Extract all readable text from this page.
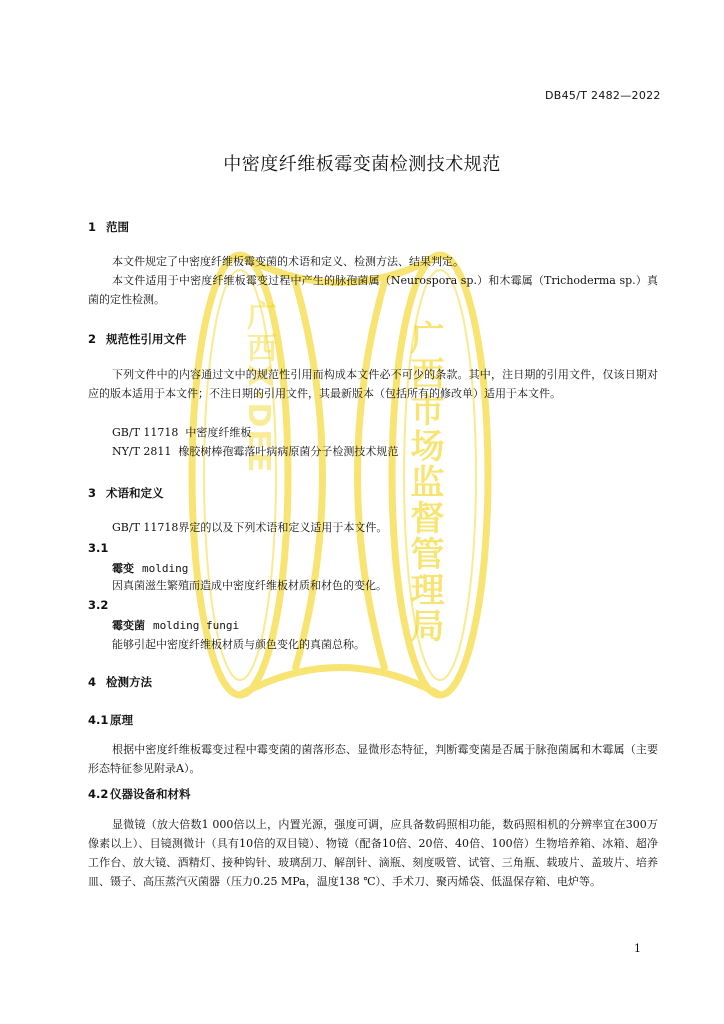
广西X·DEE	广西市场监督管理局
DB45/T 2482—2022
中密度纤维板霉变菌检测技术规范
1 范围
本文件规定了中密度纤维板霉变菌的术语和定义、检测方法、结果判定。
本文件适用于中密度纤维板霉变过程中产生的脉孢菌属（Neurospora sp.）和木霉属（Trichoderma sp.）真菌的定性检测。
2 规范性引用文件
下列文件中的内容通过文中的规范性引用而构成本文件必不可少的条款。其中，注日期的引用文件，仅该日期对应的版本适用于本文件；不注日期的引用文件，其最新版本（包括所有的修改单）适用于本文件。
GB/T 11718  中密度纤维板
NY/T 2811  橡胶树棒孢霉落叶病病原菌分子检测技术规范
3 术语和定义
GB/T 11718界定的以及下列术语和定义适用于本文件。
3.1
霉变 molding
因真菌滋生繁殖而造成中密度纤维板材质和材色的变化。
3.2
霉变菌 molding fungi
能够引起中密度纤维板材质与颜色变化的真菌总称。
4 检测方法
4.1 原理
根据中密度纤维板霉变过程中霉变菌的菌落形态、显微形态特征，判断霉变菌是否属于脉孢菌属和木霉属（主要形态特征参见附录A）。
4.2 仪器设备和材料
显微镜（放大倍数1 000倍以上，内置光源，强度可调，应具备数码照相功能，数码照相机的分辨率宜在300万像素以上）、目镜测微计（具有10倍的双目镜）、物镜（配备10倍、20倍、40倍、100倍）生物培养箱、冰箱、超净工作台、放大镜、酒精灯、接种钩针、玻璃刮刀、解剖针、滴瓶、刻度吸管、试管、三角瓶、载玻片、盖玻片、培养皿、镊子、高压蒸汽灭菌器（压力0.25 MPa，温度138 ℃）、手术刀、聚丙烯袋、低温保存箱、电炉等。
1
